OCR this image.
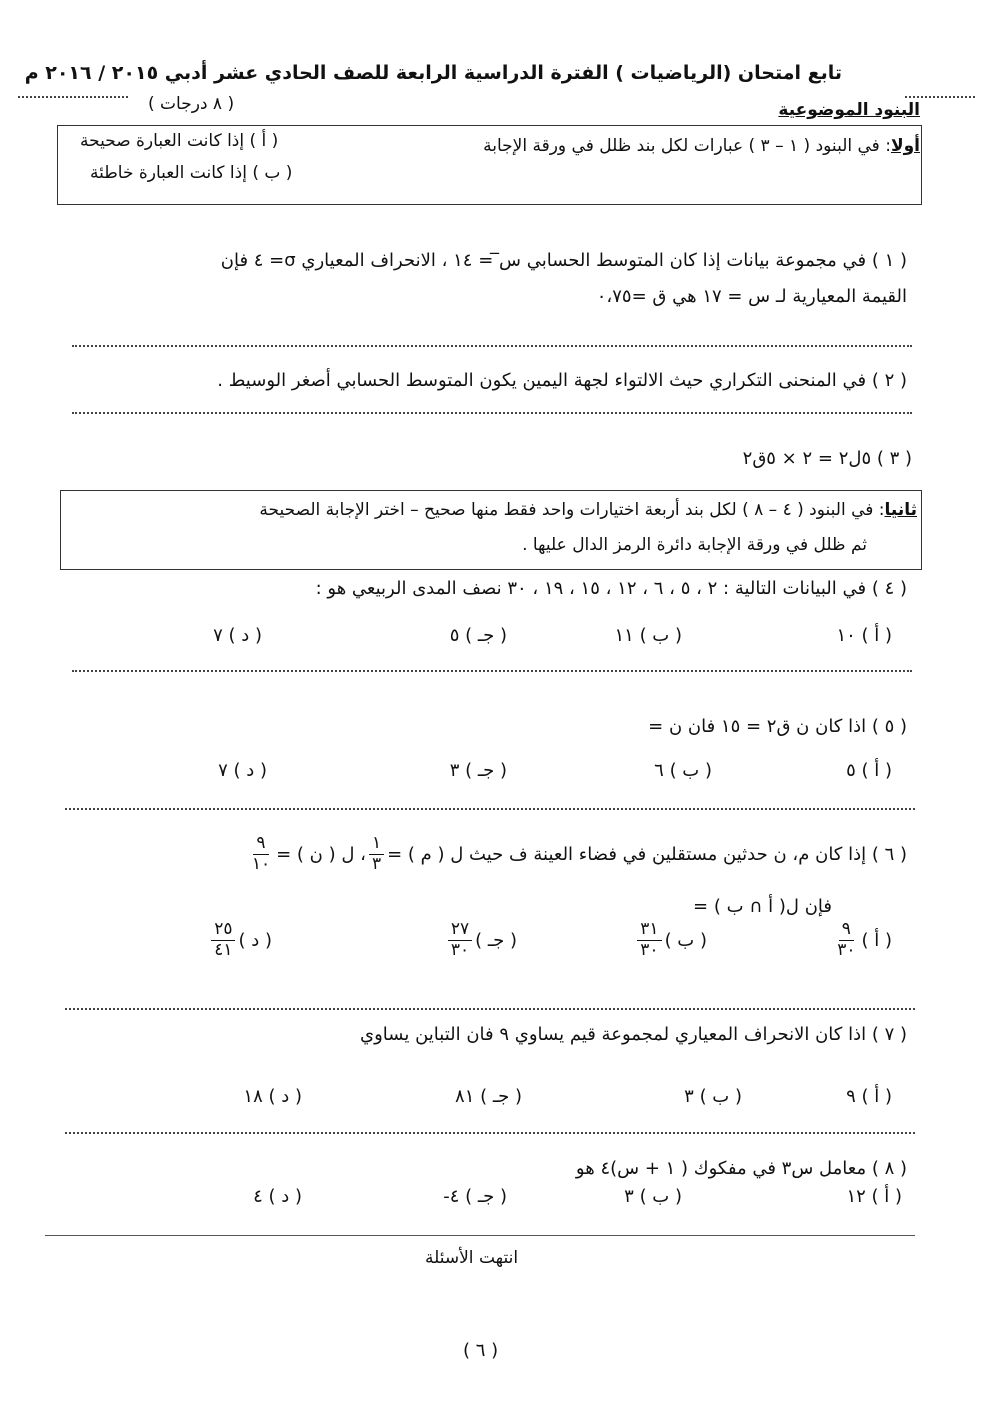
تابع امتحان (الرياضيات ) الفترة الدراسية الرابعة للصف الحادي عشر أدبي ٢٠١٥ / ٢٠١٦ م
( ٨ درجات )	البنود الموضوعية
أولا: في البنود ( ١ – ٣ ) عبارات لكل بند ظلل في ورقة الإجابة
( أ ) إذا كانت العبارة صحيحة
( ب ) إذا كانت العبارة خاطئة
( ١ ) في مجموعة بيانات إذا كان المتوسط الحسابي س̅ = ١٤ ، الانحراف المعياري σ= ٤ فإن
القيمة المعيارية لـ س = ١٧ هي ق =٠،٧٥
( ٢ ) في المنحنى التكراري حيث الالتواء لجهة اليمين يكون المتوسط الحسابي أصغر الوسيط .
( ٣ ) ٥ل٢ = ٢ × ٥ق٢
ثانيا: في البنود ( ٤ – ٨ ) لكل بند أربعة اختيارات واحد فقط منها صحيح – اختر الإجابة الصحيحة
ثم ظلل في ورقة الإجابة دائرة الرمز الدال عليها .
( ٤ ) في البيانات التالية : ٢ ، ٥ ، ٦ ، ١٢ ، ١٥ ، ١٩ ، ٣٠ نصف المدى الربيعي هو :
( أ ) ١٠
( ب ) ١١
( جـ ) ٥
( د ) ٧
( ٥ ) اذا كان ن ق٢ = ١٥ فان ن =
( أ ) ٥
( ب ) ٦
( جـ ) ٣
( د ) ٧
( ٦ ) إذا كان م، ن حدثين مستقلين في فضاء العينة ف حيث ل ( م ) =
$\frac{١}{٣}$
، ل ( ن ) =
$\frac{٩}{١٠}$
فإن ل( أ ∩ ب ) =
( أ )
$\frac{٩}{٣٠}$
( ب )
$\frac{٣١}{٣٠}$
( جـ )
$\frac{٢٧}{٣٠}$
( د )
$\frac{٢٥}{٤١}$
( ٧ ) اذا كان الانحراف المعياري لمجموعة قيم يساوي ٩ فان التباين يساوي
( أ ) ٩
( ب ) ٣
( جـ ) ٨١
( د ) ١٨
( ٨ ) معامل س٣ في مفكوك ( ١ + س)٤ هو
( أ ) ١٢
( ب ) ٣
( جـ ) ٤-
( د ) ٤
انتهت الأسئلة
( ٦ )
